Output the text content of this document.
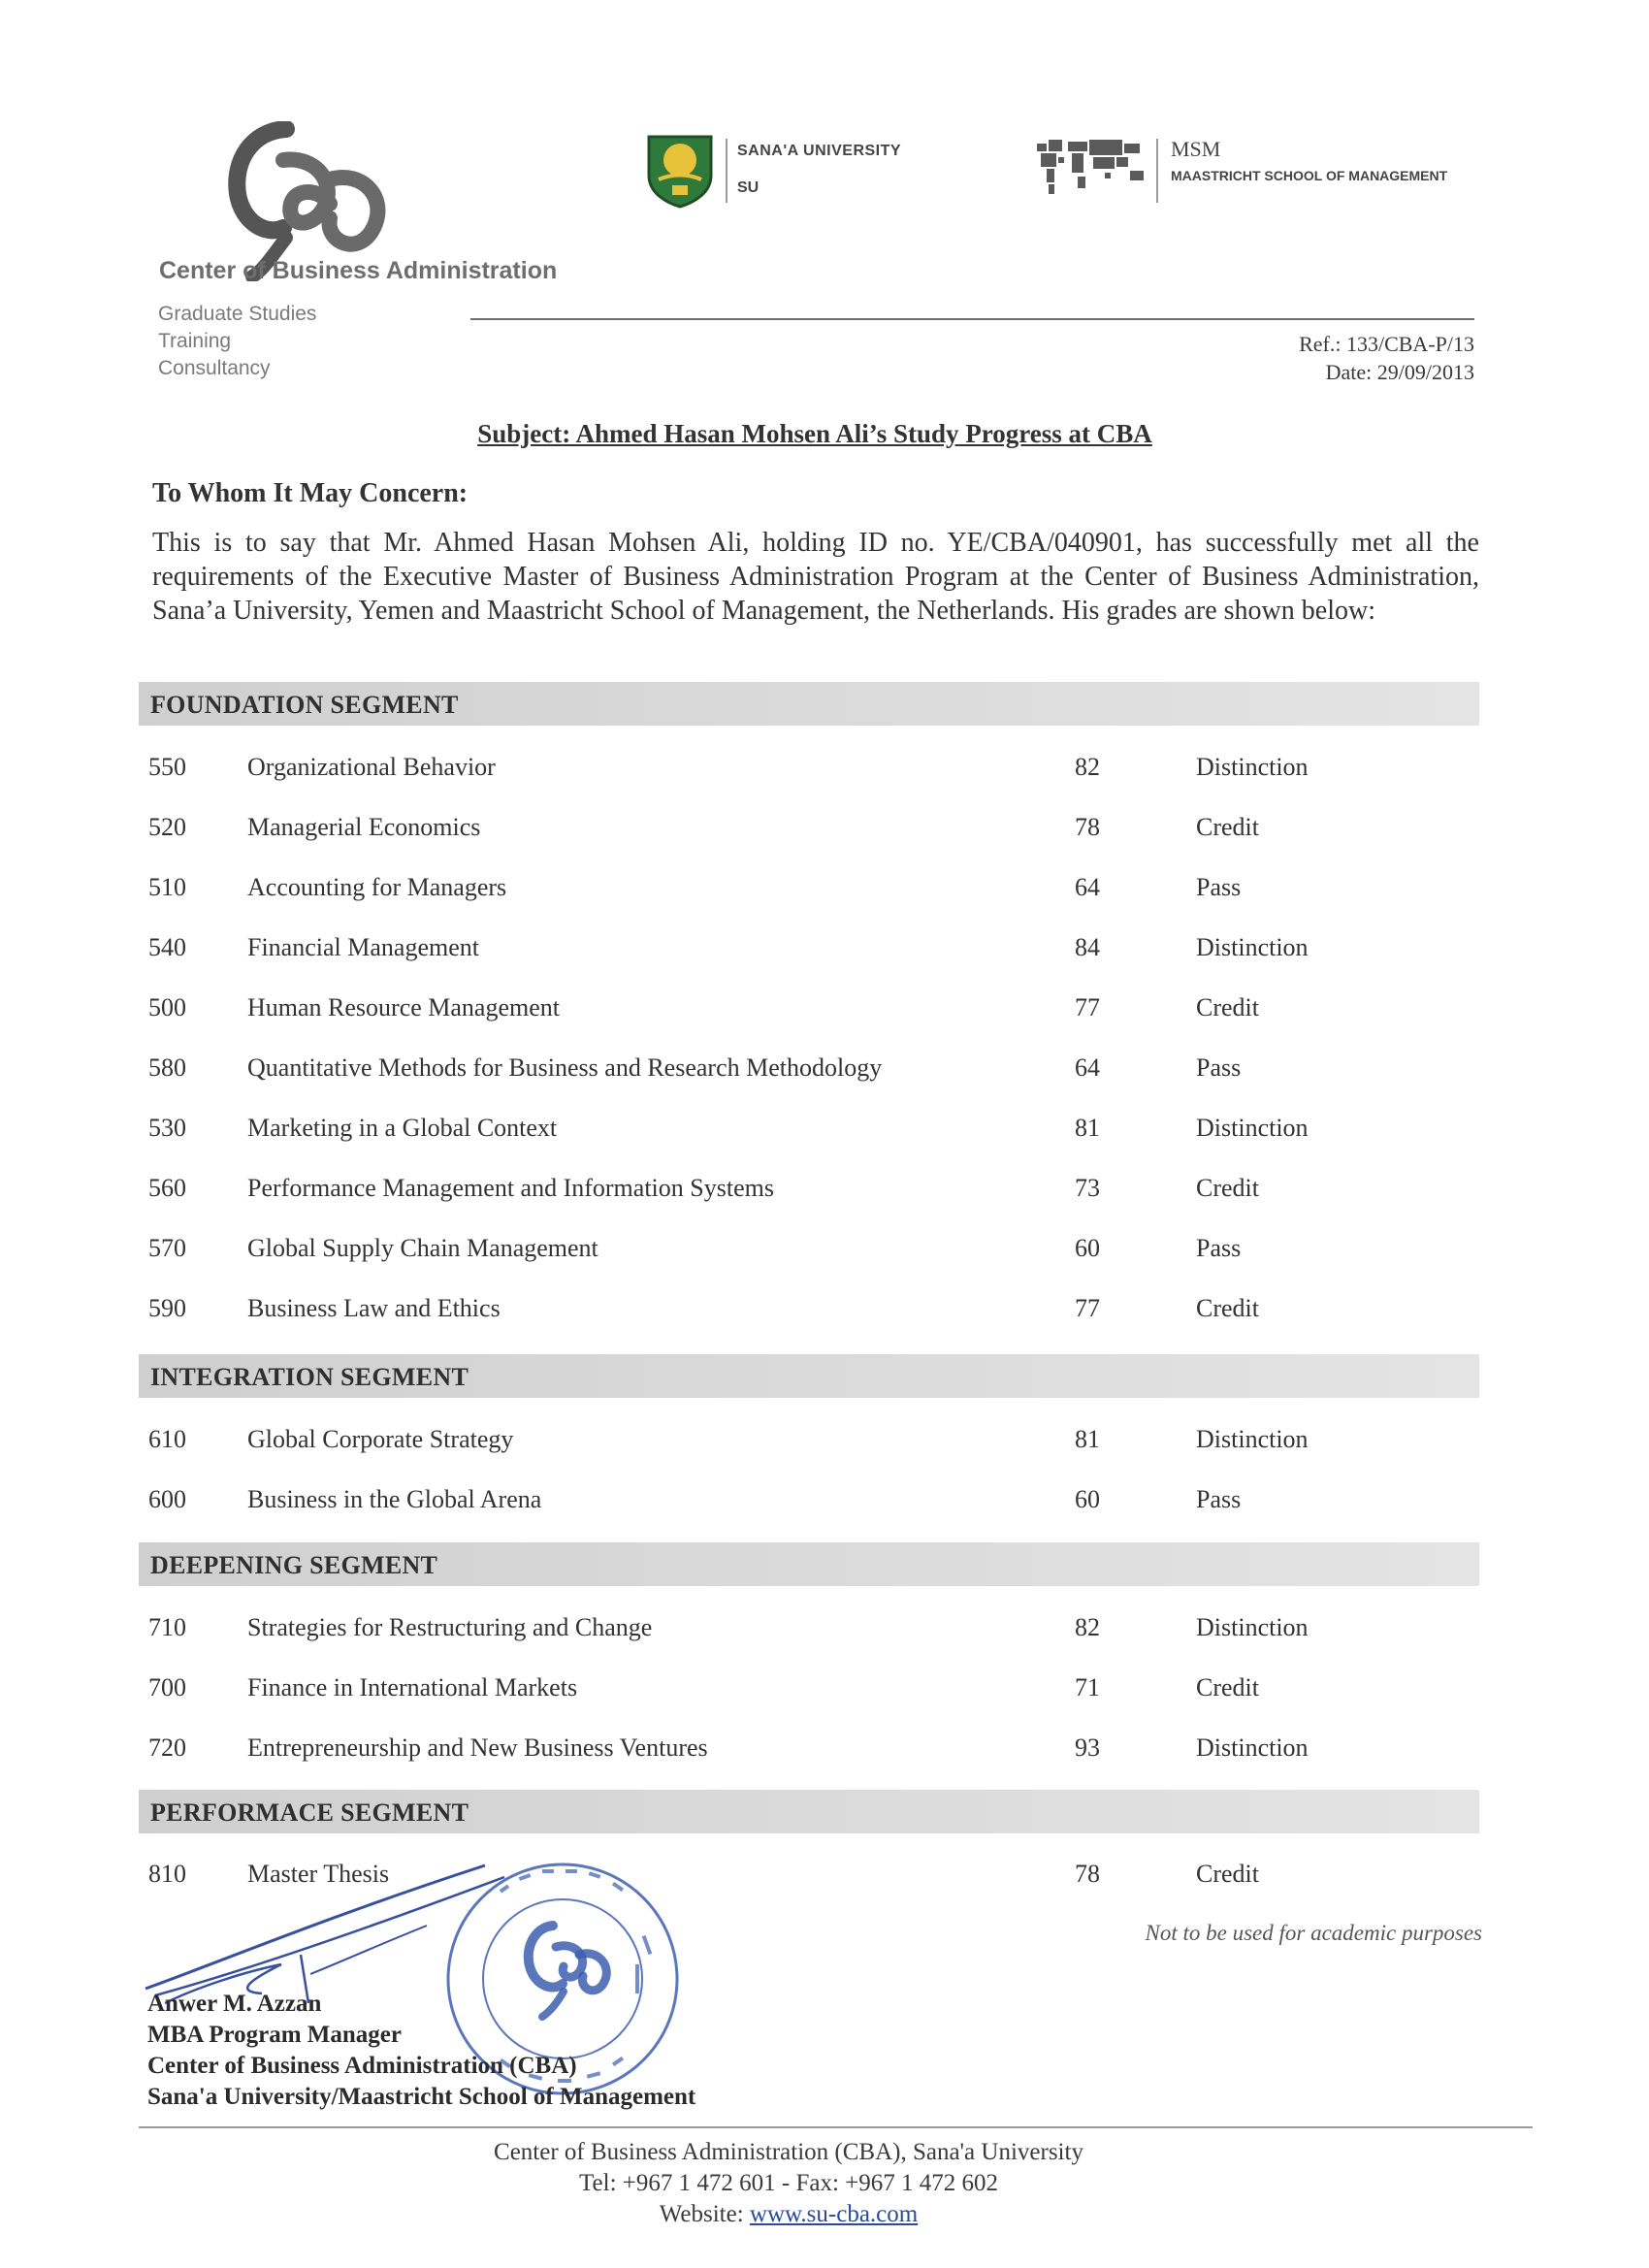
Center of Business Administration
Graduate Studies
Training
Consultancy
SANA'A UNIVERSITY
SU
MSM
MAASTRICHT SCHOOL OF MANAGEMENT
Ref.: 133/CBA-P/13
Date: 29/09/2013
Subject: Ahmed Hasan Mohsen Ali’s Study Progress at CBA
To Whom It May Concern:
This is to say that Mr. Ahmed Hasan Mohsen Ali, holding ID no. YE/CBA/040901, has successfully met all the requirements of the Executive Master of Business Administration Program at the Center of Business Administration, Sana’a University, Yemen and Maastricht School of Management, the Netherlands. His grades are shown below:
FOUNDATION SEGMENT
550 Organizational Behavior	82	Distinction
520 Managerial Economics	78	Credit
510 Accounting for Managers	64	Pass
540 Financial Management	84	Distinction
500 Human Resource Management	77	Credit
580 Quantitative Methods for Business and Research Methodology	64	Pass
530 Marketing in a Global Context	81	Distinction
560 Performance Management and Information Systems	73	Credit
570 Global Supply Chain Management	60	Pass
590 Business Law and Ethics	77	Credit
INTEGRATION SEGMENT
610 Global Corporate Strategy	81	Distinction
600 Business in the Global Arena	60	Pass
DEEPENING SEGMENT
710 Strategies for Restructuring and Change	82	Distinction
700 Finance in International Markets	71	Credit
720 Entrepreneurship and New Business Ventures	93	Distinction
PERFORMACE SEGMENT
810 Master Thesis	78	Credit
Not to be used for academic purposes
Anwer M. Azzan
MBA Program Manager
Center of Business Administration (CBA)
Sana'a University/Maastricht School of Management
Center of Business Administration (CBA), Sana'a University
Tel: +967 1 472 601 - Fax: +967 1 472 602
Website: www.su-cba.com
